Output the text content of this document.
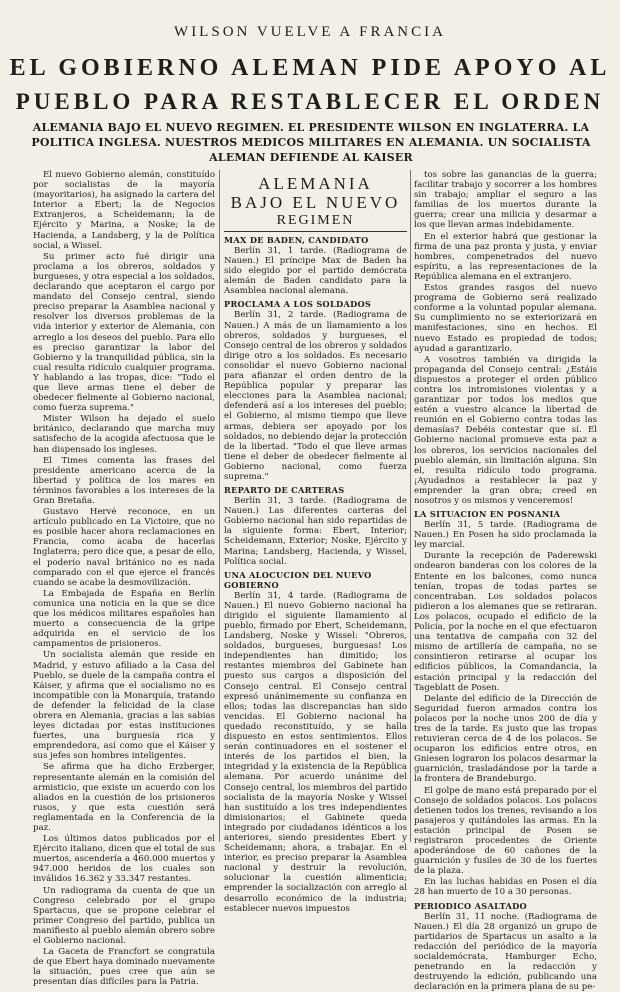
WILSON VUELVE A FRANCIA
EL GOBIERNO ALEMAN PIDE APOYO AL
PUEBLO PARA RESTABLECER EL ORDEN
ALEMANIA BAJO EL NUEVO REGIMEN. EL PRESIDENTE WILSON EN INGLATERRA. LA POLITICA INGLESA. NUESTROS MEDICOS MILITARES EN ALEMANIA. UN SOCIALISTA ALEMAN DEFIENDE AL KAISER

El nuevo Gobierno alemán, constituído por socialistas de la mayoría (mayoritarios), ha asignado la cartera del Interior a Ebert; la de Negocios Extranjeros, a Scheidemann; la de Ejército y Marina, a Noske; la de Hacienda, a Landsberg, y la de Política social, a Wissel.

Su primer acto fué dirigir una proclama a los obreros, soldados y burgueses, y otra especial a los soldados, declarando que aceptaron el cargo por mandato del Consejo central, siendo preciso preparar la Asamblea nacional y resolver los diversos problemas de la vida interior y exterior de Alemania, con arreglo a los deseos del pueblo. Para ello es preciso garantizar la labor del Gobierno y la tranquilidad pública, sin la cual resulta ridículo cualquier programa. Y hablando a las tropas, dice: "Todo el que lleve armas tiene el deber de obedecer fielmente al Gobierno nacional, como fuerza suprema."

Mister Wilson ha dejado el suelo británico, declarando que marcha muy satisfecho de la acogida afectuosa que le han dispensado los ingleses.

El Times comenta las frases del presidente americano acerca de la libertad y política de los mares en términos favorables a los intereses de la Gran Bretaña.

Gustavo Hervé reconoce, en un artículo publicado en La Victoire, que no es posible hacer ahora reclamaciones en Francia, como acaba de hacerlas Inglaterra; pero dice que, a pesar de ello, el poderío naval británico no es nada comparado con el que ejerce el francés cuando se acabe la desmovilización.

La Embajada de España en Berlín comunica una noticia en la que se dice que los médicos militares españoles han muerto a consecuencia de la gripe adquirida en el servicio de los campamentos de prisioneros.

Un socialista alemán que reside en Madrid, y estuvo afiliado a la Casa del Pueblo, se duele de la campaña contra el Káiser, y afirma que el socialismo no es incompatible con la Monarquía, tratando de defender la felicidad de la clase obrera en Alemania, gracias a las sabias leyes dictadas por estas instituciones fuertes, una burguesía rica y emprendedora, así como que el Káiser y sus jefes son hombres inteligentes.

Se afirma que ha dicho Erzberger, representante alemán en la comisión del armisticio, que existe un acuerdo con los aliados en la cuestión de los prisioneros rusos, y que esta cuestión será reglamentada en la Conferencia de la paz.

Los últimos datos publicados por el Ejército italiano, dicen que el total de sus muertos, ascendería a 460.000 muertos y 947.000 heridos de los cuales son inválidos 16.362 y 33.347 restantes.

Un radiograma da cuenta de que un Congreso celebrado por el grupo Spartacus, que se propone celebrar el primer Congreso del partido, publica un manifiesto al pueblo alemán obrero sobre el Gobierno nacional.

La Gaceta de Francfort se congratula de que Ebert haya dominado nuevamente la situación, pues cree que aún se presentan días difíciles para la Patria.

ALEMANIA
BAJO EL NUEVO
REGIMEN
MAX DE BADEN, CANDIDATO

Berlín 31, 1 tarde. (Radiograma de Nauen.) El príncipe Max de Baden ha sido elegido por el partido demócrata alemán de Baden candidato para la Asamblea nacional alemana.

PROCLAMA A LOS SOLDADOS

Berlín 31, 2 tarde. (Radiograma de Nauen.) A más de un llamamiento a los obreros, soldados y burgueses, el Consejo central de los obreros y soldados dirige otro a los soldados. Es necesario consolidar el nuevo Gobierno nacional para afianzar el orden dentro de la República popular y preparar las elecciones para la Asamblea nacional; defenderá así a los intereses del pueblo; el Gobierno, al mismo tiempo que lleve armas, debiera ser apoyado por los soldados, no debiendo dejar la protección de la libertad. "Todo el que lleve armas tiene el deber de obedecer fielmente al Gobierno nacional, como fuerza suprema."

REPARTO DE CARTERAS

Berlín 31, 3 tarde. (Radiograma de Nauen.) Las diferentes carteras del Gobierno nacional han sido repartidas de la siguiente forma: Ebert, Interior; Scheidemann, Exterior; Noske, Ejército y Marina; Landsberg, Hacienda, y Wissel, Política social.

UNA ALOCUCION DEL NUEVO GOBIERNO

Berlín 31, 4 tarde. (Radiograma de Nauen.) El nuevo Gobierno nacional ha dirigido el siguiente llamamiento al pueblo, firmado por Ebert, Scheidemann, Landsberg, Noske y Wissel: "Obreros, soldados, burgueses, burguesas! Los independientes han dimitido; los restantes miembros del Gabinete han puesto sus cargos a disposición del Consejo central. El Consejo central expresó unánimemente su confianza en ellos; todas las discrepancias han sido vencidas. El Gobierno nacional ha quedado reconstituído, y se halla dispuesto en estos sentimientos. Ellos serán continuadores en el sostener el interés de los partidos el bien, la integridad y la existencia de la República alemana. Por acuerdo unánime del Consejo central, los miembros del partido socialista de la mayoría Noske y Wissel han sustituído a los tres independientes dimisionarios; el Gabinete queda integrado por ciudadanos idénticos a los anteriores, siendo presidentes Ebert y Scheidemann; ahora, a trabajar. En el interior, es preciso preparar la Asamblea nacional y destruir la revolución, solucionar la cuestión alimenticia; emprender la socialización con arreglo al desarrollo económico de la industria; establecer nuevos impuestos

tos sobre las ganancias de la guerra; facilitar trabajo y socorrer a los hombres sin trabajo; ampliar el seguro a las familias de los muertos durante la guerra; crear una milicia y desarmar a los que llevan armas indebidamente.

En el exterior habrá que gestionar la firma de una paz pronta y justa, y enviar hombres, compenetrados del nuevo espíritu, a las representaciones de la República alemana en el extranjero.

Estos grandes rasgos del nuevo programa de Gobierno será realizado conforme a la voluntad popular alemana. Su cumplimiento no se exteriorizará en manifestaciones, sino en hechos. El nuevo Estado es propiedad de todos; ayudad a garantizarlo.

A vosotros también va dirigida la propaganda del Consejo central: ¿Estáis dispuestos a proteger el orden público contra los intromisiones violentas y a garantizar por todos los medios que estén a vuestro alcance la libertad de reunión en el Gobierno contra todas las demasías? Debéis contestar que sí. El Gobierno nacional promueve esta paz a los obreros, los servicios nacionales del pueblo alemán, sin limitación alguna. Sin el, resulta ridículo todo programa. ¡Ayudadnos a restablecer la paz y emprender la gran obra; creed en nosotros y os mismos y venceremos!

LA SITUACION EN POSNANIA

Berlín 31, 5 tarde. (Radiograma de Nauen.) En Posen ha sido proclamada la ley marcial.

Durante la recepción de Paderewski ondearon banderas con los colores de la Entente en los balcones, como nunca tenían, tropas de todas partes se concentraban. Los soldados polacos pidieron a los alemanes que se retiraran. Los polacos, ocupado el edificio de la Policía, por la noche en el que efectuaron una tentativa de campaña con 32 del mismo de artillería de campaña, no se consintieron retirarse al ocupar los edificios públicos, la Comandancia, la estación principal y la redacción del Tageblatt de Posen.

Delante del edificio de la Dirección de Seguridad fueron armados contra los polacos por la noche unos 200 de día y tres de la tarde. Es justo que las tropas retuvieran cerca de 4 de los polacos. Se ocuparon los edificios entre otros, en Gniesen lograron los polacos desarmar la guarnición, trasladándose por la tarde a la frontera de Brandeburgo.

El golpe de mano está preparado por el Consejo de soldados polacos. Los polacos detienen todos los trenes, revisando a los pasajeros y quitándoles las armas. En la estación principal de Posen se registraron procedentes de Oriente apoderándose de 60 cañones de la guarnición y fusiles de 30 de los fuertes de la plaza.

En las luchas habidas en Posen el día 28 han muerto de 10 a 30 personas.

PERIODICO ASALTADO

Berlín 31, 11 noche. (Radiograma de Nauen.) El día 28 organizó un grupo de partidarios de Spartacus un asalto a la redacción del periódico de la mayoría socialdemócrata, Hamburger Echo, penetrando en la redacción y destruyendo la edición, publicando una declaración en la primera plana de su pe-
